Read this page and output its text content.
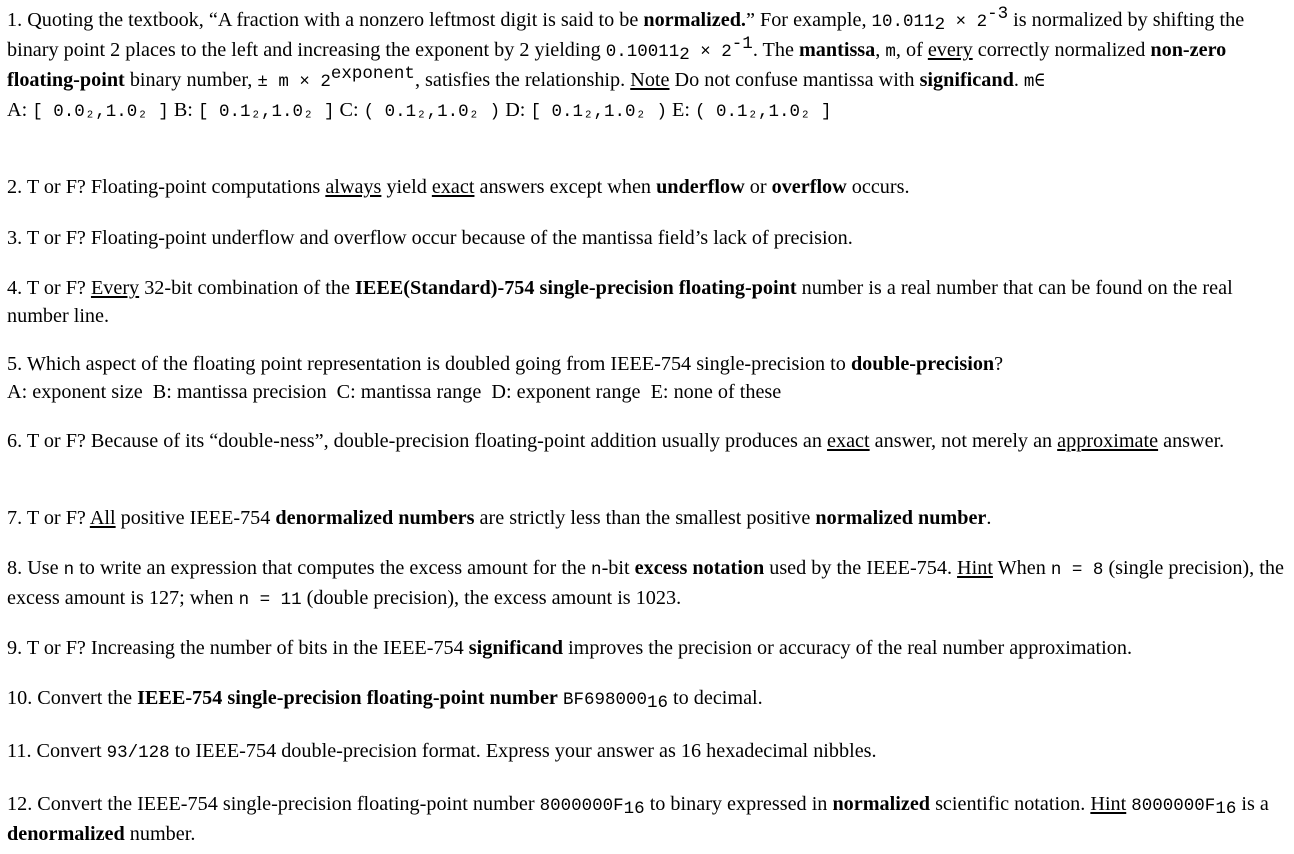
1. Quoting the textbook, “A fraction with a nonzero leftmost digit is said to be normalized.” For example, $10.011_2 \times 2^{-3}$ is normalized by shifting the binary point 2 places to the left and increasing the exponent by 2 yielding $0.10011_2 \times 2^{-1}$. The mantissa, m, of every correctly normalized non-zero floating-point binary number, ± $m \times 2^{exponent}$, satisfies the relationship. Note Do not confuse mantissa with significand. m∈
A: [ 0.0₂,1.0₂ ] B: [ 0.1₂,1.0₂ ] C: ( 0.1₂,1.0₂ ) D: [ 0.1₂,1.0₂ ) E: ( 0.1₂,1.0₂ ]
2. T or F? Floating-point computations always yield exact answers except when underflow or overflow occurs.
3. T or F? Floating-point underflow and overflow occur because of the mantissa field’s lack of precision.
4. T or F? Every 32-bit combination of the IEEE(Standard)-754 single-precision floating-point number is a real number that can be found on the real number line.
5. Which aspect of the floating point representation is doubled going from IEEE-754 single-precision to double-precision?
A: exponent size  B: mantissa precision  C: mantissa range  D: exponent range  E: none of these
6. T or F? Because of its “double-ness”, double-precision floating-point addition usually produces an exact answer, not merely an approximate answer.
7. T or F? All positive IEEE-754 denormalized numbers are strictly less than the smallest positive normalized number.
8. Use n to write an expression that computes the excess amount for the n-bit excess notation used by the IEEE-754. Hint When n = 8 (single precision), the excess amount is 127; when n = 11 (double precision), the excess amount is 1023.
9. T or F? Increasing the number of bits in the IEEE-754 significand improves the precision or accuracy of the real number approximation.
10. Convert the IEEE-754 single-precision floating-point number $BF698000_{16}$ to decimal.
11. Convert 93/128 to IEEE-754 double-precision format. Express your answer as 16 hexadecimal nibbles.
12. Convert the IEEE-754 single-precision floating-point number $8000000F_{16}$ to binary expressed in normalized scientific notation. Hint $8000000F_{16}$ is a denormalized number.
